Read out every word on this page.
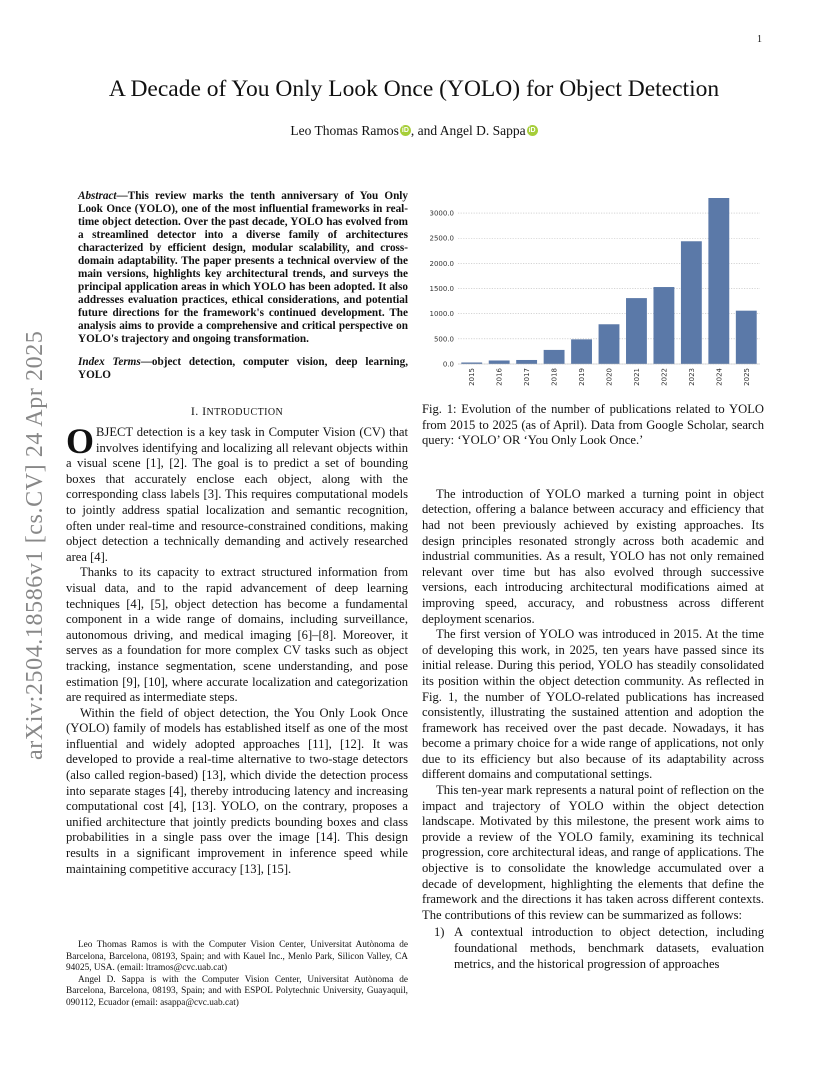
1
arXiv:2504.18586v1 [cs.CV] 24 Apr 2025
A Decade of You Only Look Once (YOLO) for Object Detection
Leo Thomas Ramos iD , and Angel D. Sappa iD

Abstract—This review marks the tenth anniversary of You Only Look Once (YOLO), one of the most influential frameworks in real-time object detection. Over the past decade, YOLO has evolved from a streamlined detector into a diverse family of architectures characterized by efficient design, modular scalability, and cross-domain adaptability. The paper presents a technical overview of the main versions, highlights key architectural trends, and surveys the principal application areas in which YOLO has been adopted. It also addresses evaluation practices, ethical considerations, and potential future directions for the framework's continued development. The analysis aims to provide a comprehensive and critical perspective on YOLO's trajectory and ongoing transformation.

Index Terms—object detection, computer vision, deep learning, YOLO

I. INTRODUCTION

OBJECT detection is a key task in Computer Vision (CV) that involves identifying and localizing all relevant objects within a visual scene [1], [2]. The goal is to predict a set of bounding boxes that accurately enclose each object, along with the corresponding class labels [3]. This requires computational models to jointly address spatial localization and semantic recognition, often under real-time and resource-constrained conditions, making object detection a technically demanding and actively researched area [4].

Thanks to its capacity to extract structured information from visual data, and to the rapid advancement of deep learning techniques [4], [5], object detection has become a fundamental component in a wide range of domains, including surveillance, autonomous driving, and medical imaging [6]–[8]. Moreover, it serves as a foundation for more complex CV tasks such as object tracking, instance segmentation, scene understanding, and pose estimation [9], [10], where accurate localization and categorization are required as intermediate steps.

Within the field of object detection, the You Only Look Once (YOLO) family of models has established itself as one of the most influential and widely adopted approaches [11], [12]. It was developed to provide a real-time alternative to two-stage detectors (also called region-based) [13], which divide the detection process into separate stages [4], thereby introducing latency and increasing computational cost [4], [13]. YOLO, on the contrary, proposes a unified architecture that jointly predicts bounding boxes and class probabilities in a single pass over the image [14]. This design results in a significant improvement in inference speed while maintaining competitive accuracy [13], [15].

Leo Thomas Ramos is with the Computer Vision Center, Universitat Autònoma de Barcelona, Barcelona, 08193, Spain; and with Kauel Inc., Menlo Park, Silicon Valley, CA 94025, USA. (email: ltramos@cvc.uab.cat)

Angel D. Sappa is with the Computer Vision Center, Universitat Autònoma de Barcelona, Barcelona, 08193, Spain; and with ESPOL Polytechnic University, Guayaquil, 090112, Ecuador (email: asappa@cvc.uab.cat)

0.0
500.0
1000.0
1500.0
2000.0
2500.0
3000.0
2015	2016	2017	2018	2019	2020	2021	2022	2023	2024	2025

Fig. 1: Evolution of the number of publications related to YOLO from 2015 to 2025 (as of April). Data from Google Scholar, search query: ‘YOLO’ OR ‘You Only Look Once.’

The introduction of YOLO marked a turning point in object detection, offering a balance between accuracy and efficiency that had not been previously achieved by existing approaches. Its design principles resonated strongly across both academic and industrial communities. As a result, YOLO has not only remained relevant over time but has also evolved through successive versions, each introducing architectural modifications aimed at improving speed, accuracy, and robustness across different deployment scenarios.

The first version of YOLO was introduced in 2015. At the time of developing this work, in 2025, ten years have passed since its initial release. During this period, YOLO has steadily consolidated its position within the object detection community. As reflected in Fig. 1, the number of YOLO-related publications has increased consistently, illustrating the sustained attention and adoption the framework has received over the past decade. Nowadays, it has become a primary choice for a wide range of applications, not only due to its efficiency but also because of its adaptability across different domains and computational settings.

This ten-year mark represents a natural point of reflection on the impact and trajectory of YOLO within the object detection landscape. Motivated by this milestone, the present work aims to provide a review of the YOLO family, examining its technical progression, core architectural ideas, and range of applications. The objective is to consolidate the knowledge accumulated over a decade of development, highlighting the elements that define the framework and the directions it has taken across different contexts. The contributions of this review can be summarized as follows:

1) A contextual introduction to object detection, including foundational methods, benchmark datasets, evaluation metrics, and the historical progression of approaches
